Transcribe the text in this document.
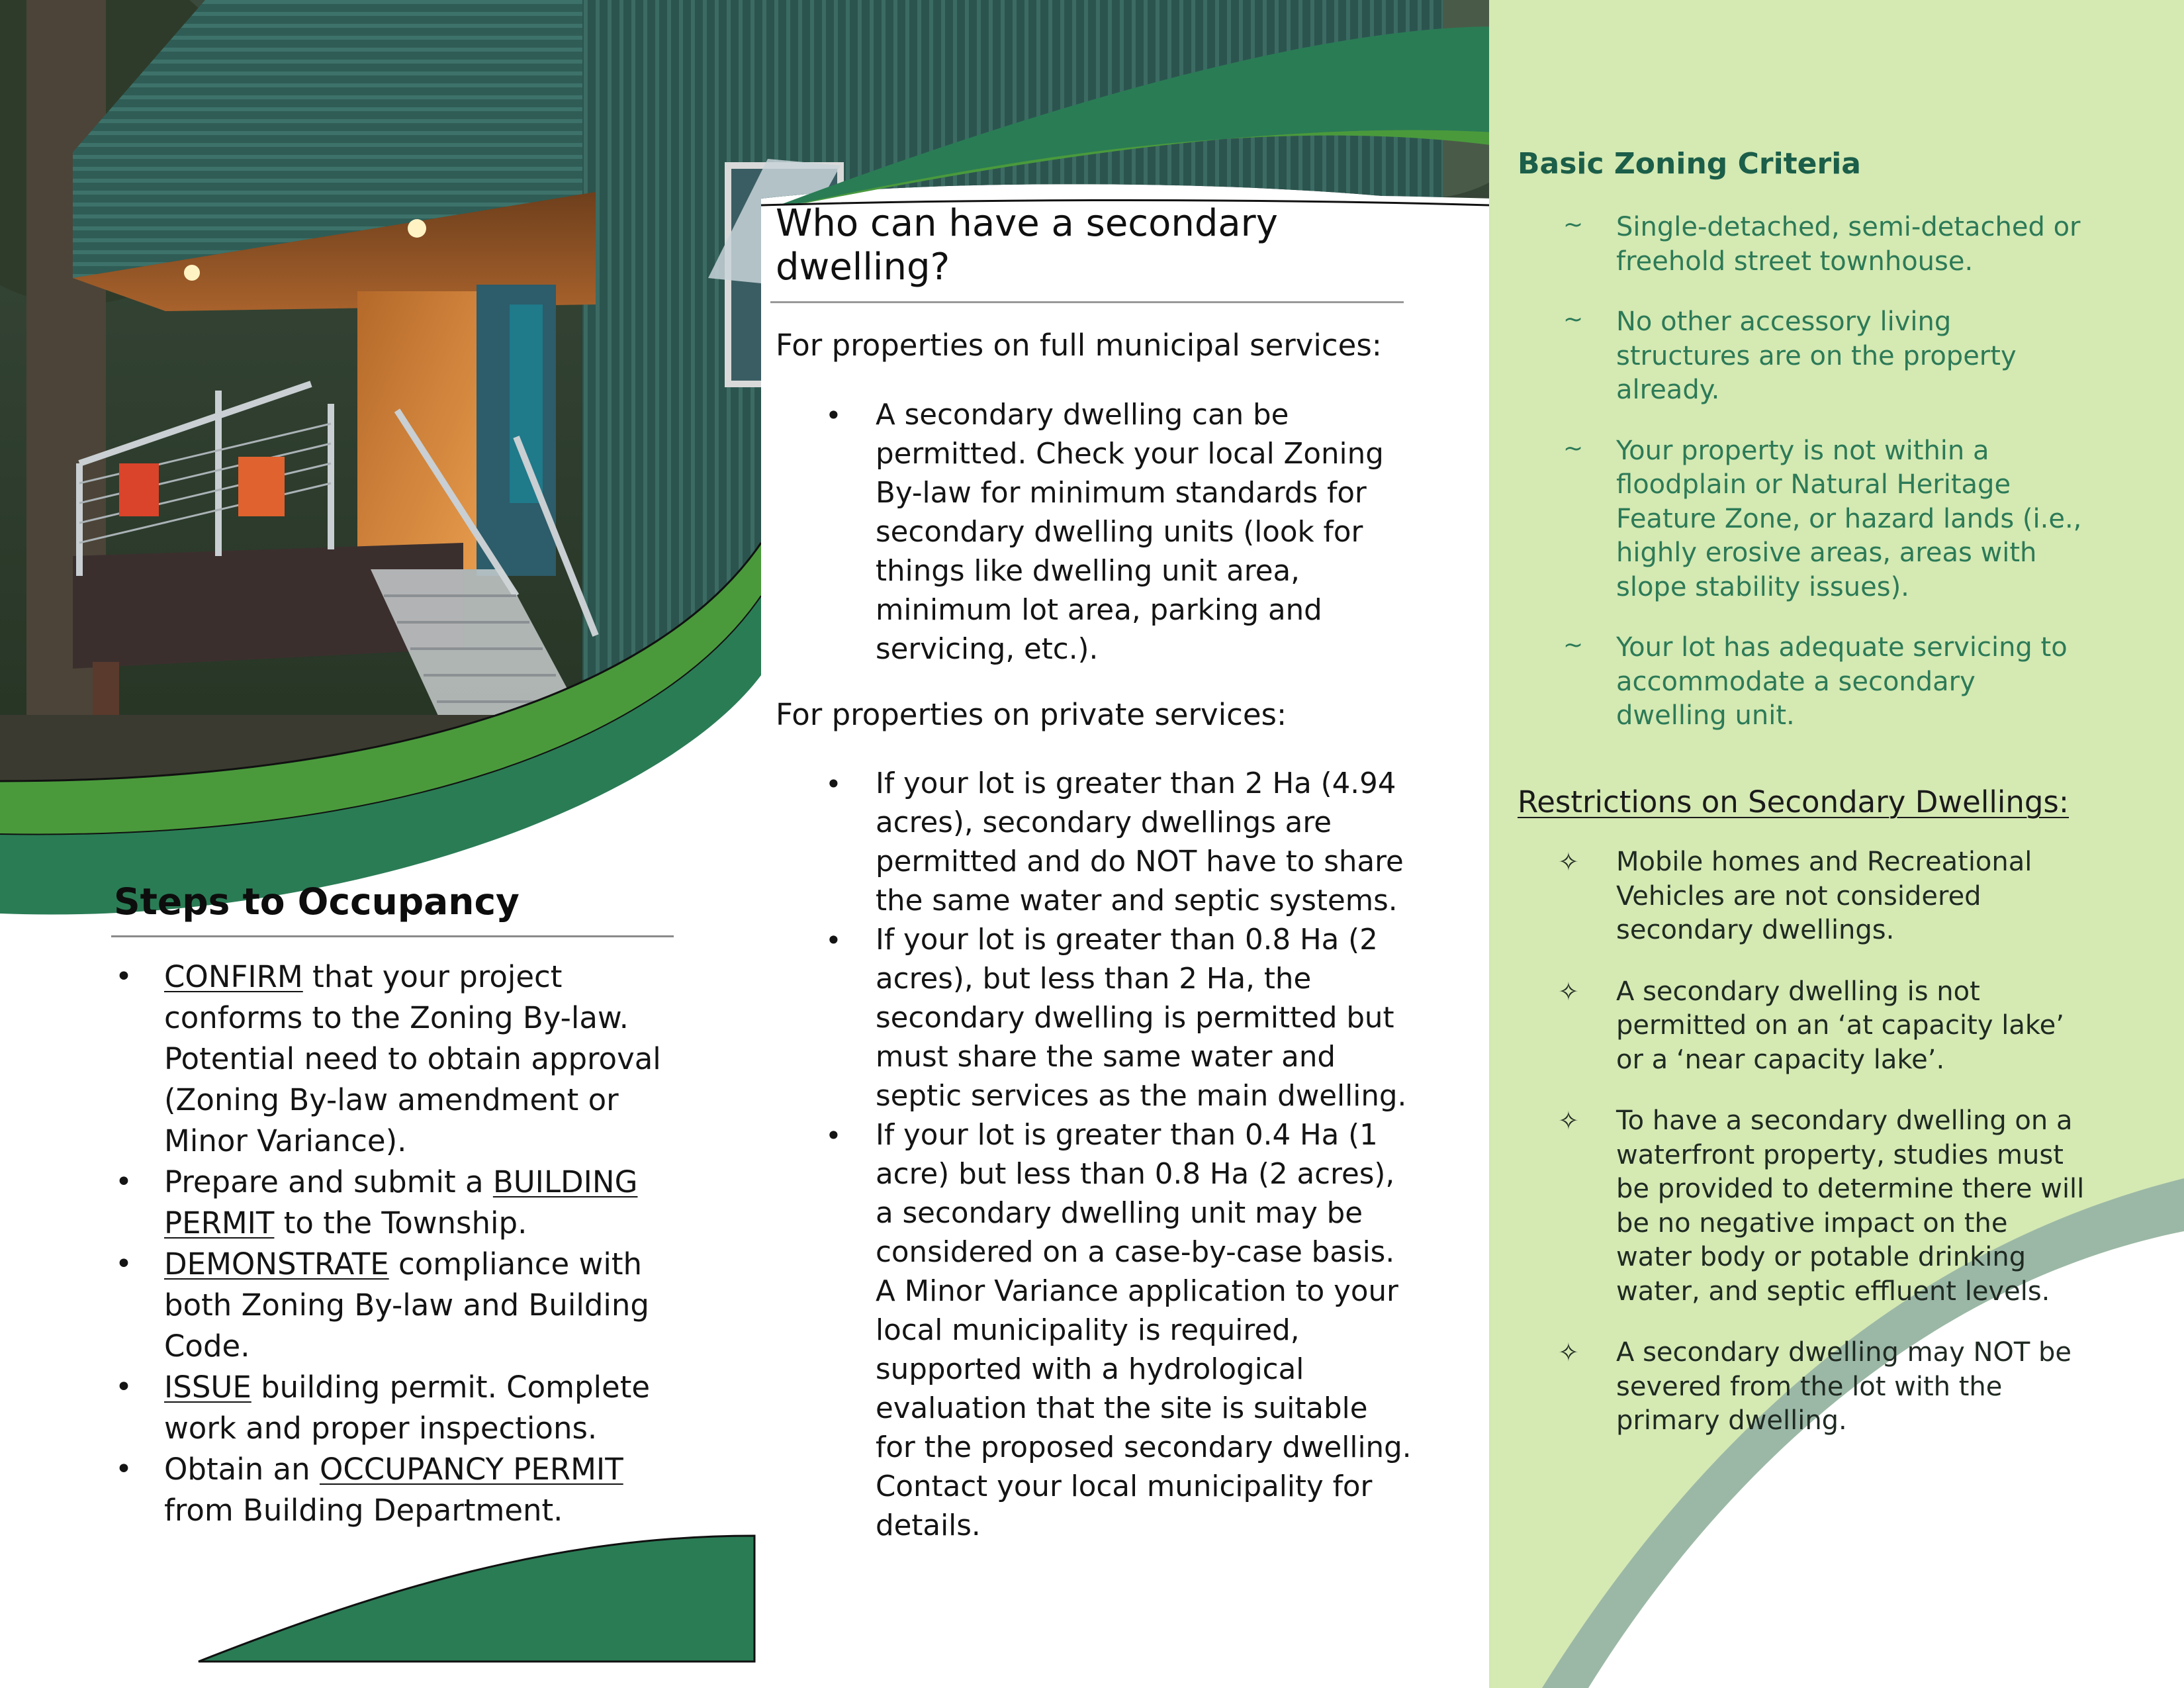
Steps to Occupancy
• CONFIRM that your project conforms to the Zoning By-law. Potential need to obtain approval (Zoning By-law amendment or Minor Variance).
• Prepare and submit a BUILDING PERMIT to the Township.
• DEMONSTRATE compliance with both Zoning By-law and Building Code.
• ISSUE building permit. Complete work and proper inspections.
• Obtain an OCCUPANCY PERMIT from Building Department.
Who can have a secondary dwelling?

For properties on full municipal services:

• A secondary dwelling can be permitted. Check your local Zoning By-law for minimum standards for secondary dwelling units (look for things like dwelling unit area, minimum lot area, parking and servicing, etc.).

For properties on private services:

• If your lot is greater than 2 Ha (4.94 acres), secondary dwellings are permitted and do NOT have to share the same water and septic systems.
• If your lot is greater than 0.8 Ha (2 acres), but less than 2 Ha, the secondary dwelling is permitted but must share the same water and septic services as the main dwelling.
• If your lot is greater than 0.4 Ha (1 acre) but less than 0.8 Ha (2 acres), a secondary dwelling unit may be considered on a case-by-case basis. A Minor Variance application to your local municipality is required, supported with a hydrological evaluation that the site is suitable for the proposed secondary dwelling. Contact your local municipality for details.
Basic Zoning Criteria
~ Single-detached, semi-detached or freehold street townhouse.
~ No other accessory living structures are on the property already.
~ Your property is not within a floodplain or Natural Heritage Feature Zone, or hazard lands (i.e., highly erosive areas, areas with slope stability issues).
~ Your lot has adequate servicing to accommodate a secondary dwelling unit.
Restrictions on Secondary Dwellings:
✧ Mobile homes and Recreational Vehicles are not considered secondary dwellings.
✧ A secondary dwelling is not permitted on an ‘at capacity lake’ or a ‘near capacity lake’.
✧ To have a secondary dwelling on a waterfront property, studies must be provided to determine there will be no negative impact on the water body or potable drinking water, and septic effluent levels.
✧ A secondary dwelling may NOT be severed from the lot with the primary dwelling.
